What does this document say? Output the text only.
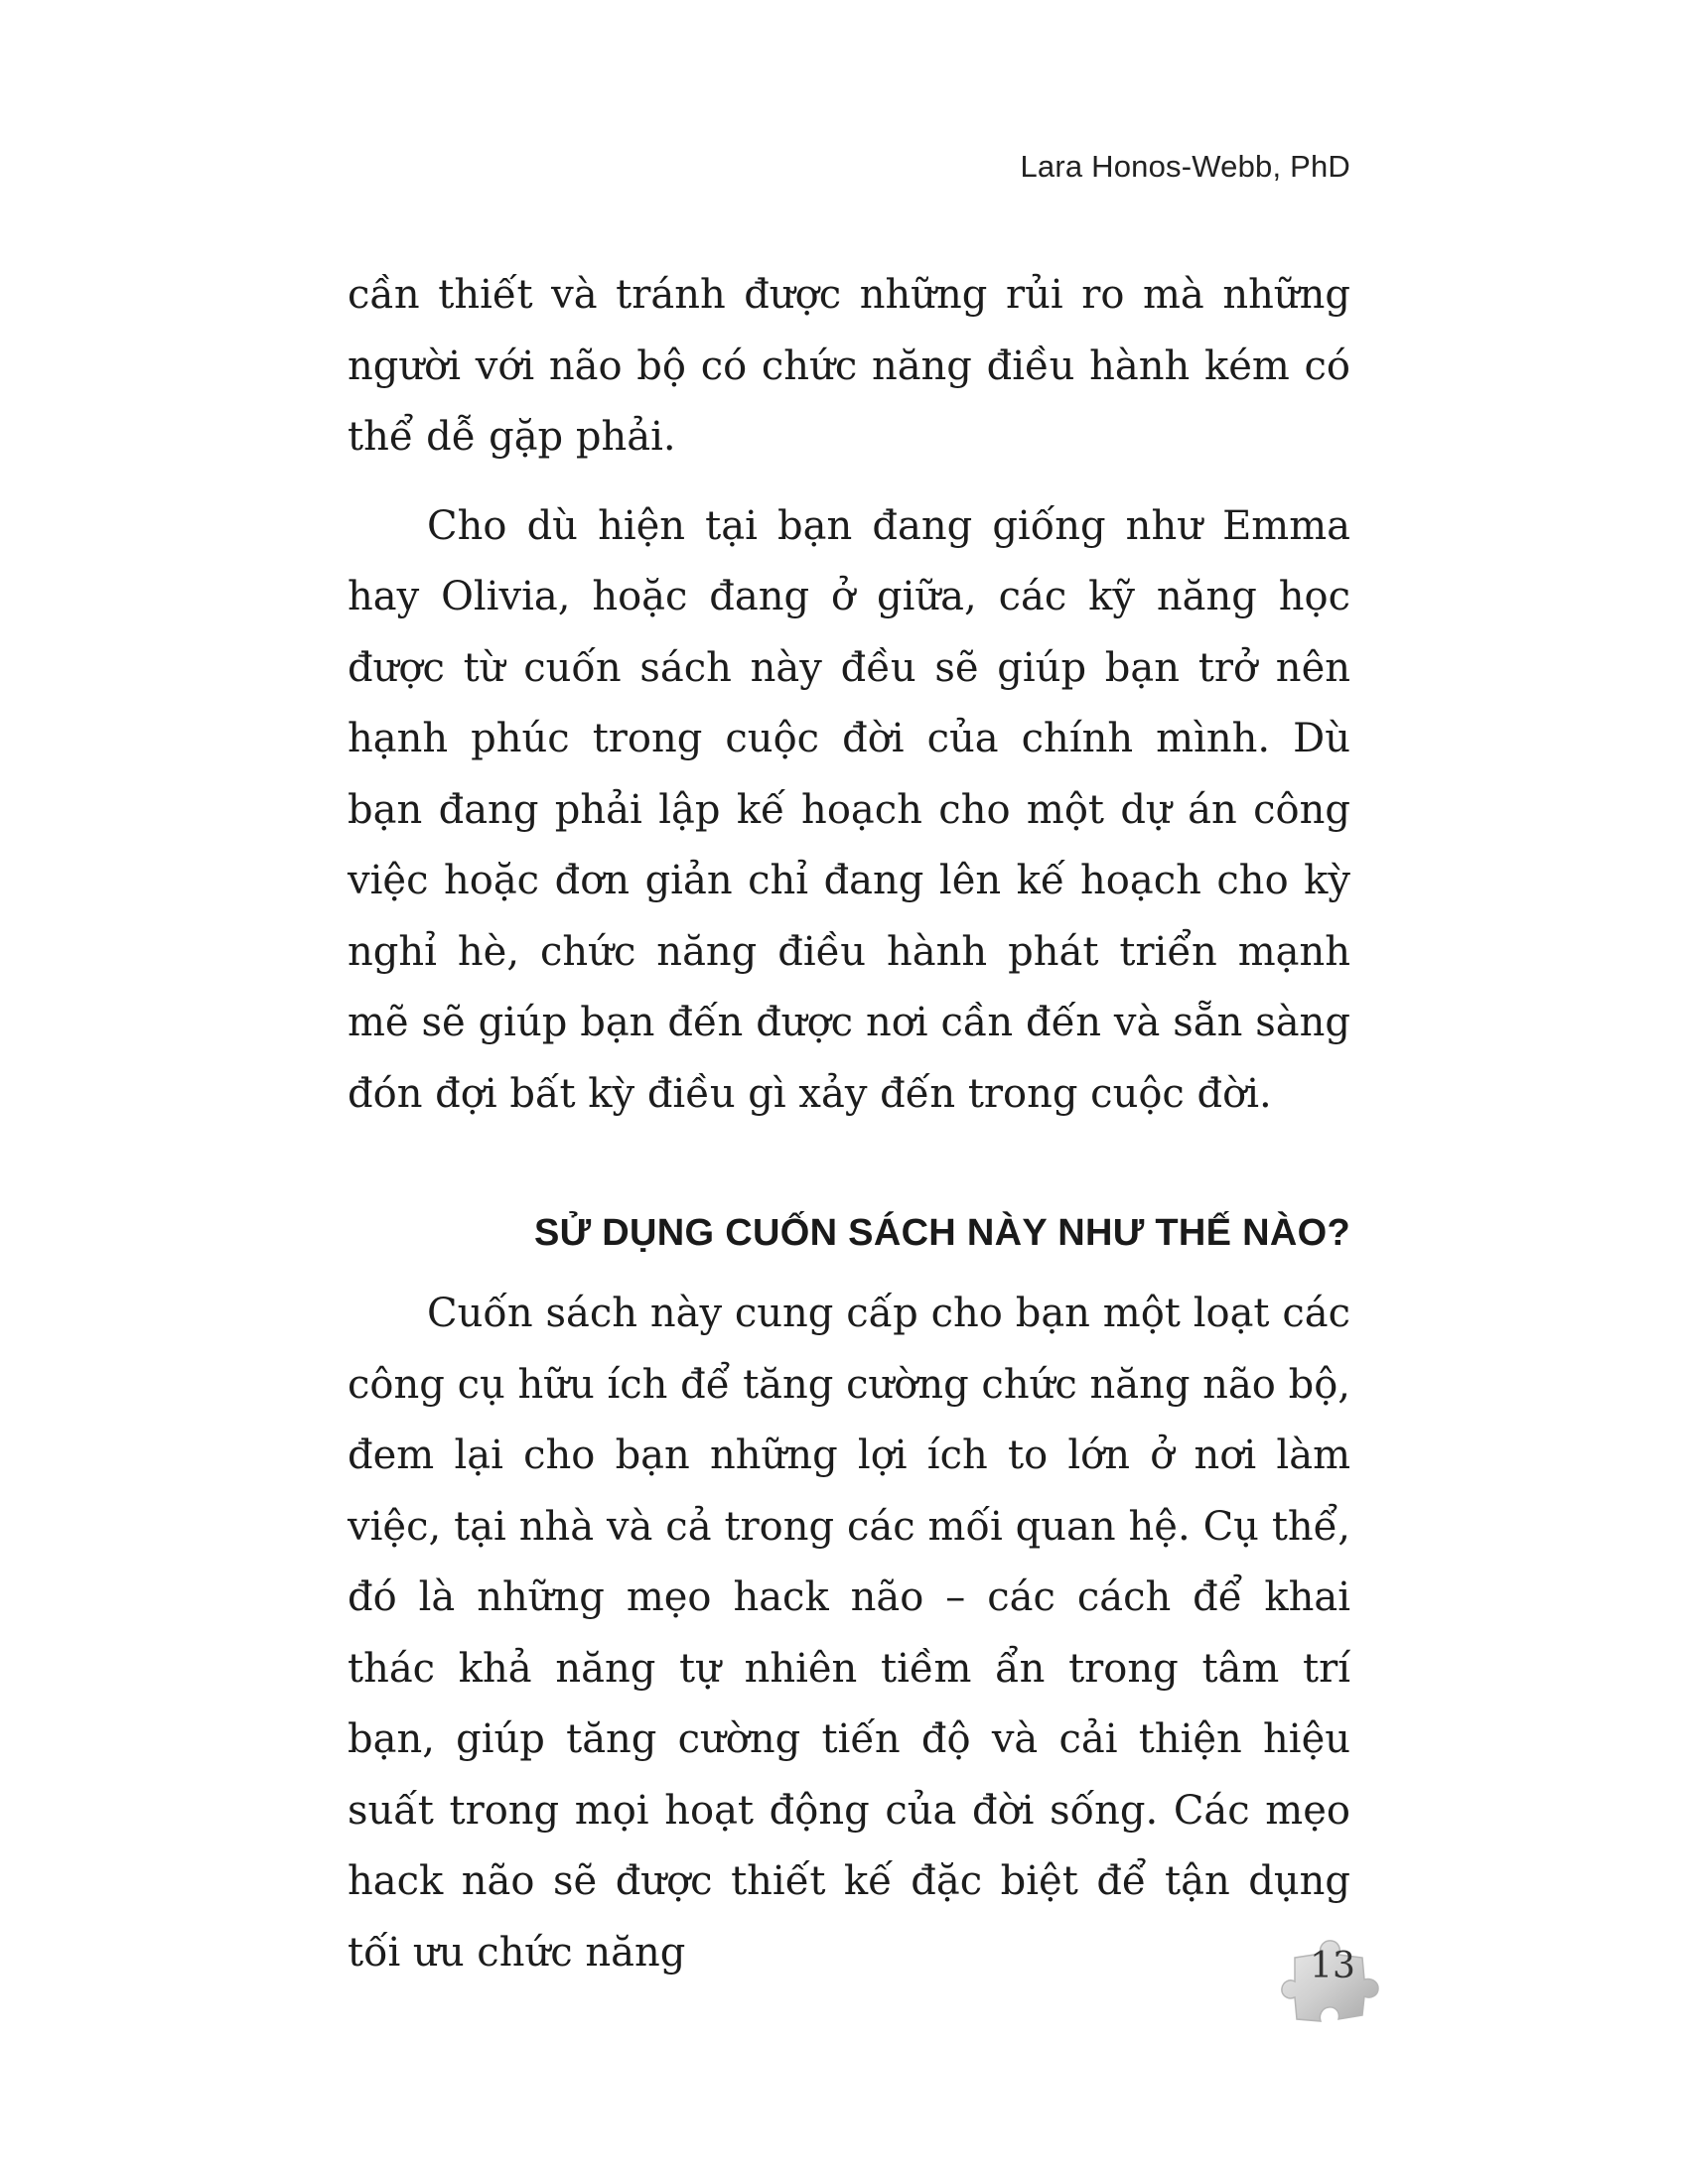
Lara Honos-Webb, PhD

cần thiết và tránh được những rủi ro mà những người với não bộ có chức năng điều hành kém có thể dễ gặp phải.

Cho dù hiện tại bạn đang giống như Emma hay Olivia, hoặc đang ở giữa, các kỹ năng học được từ cuốn sách này đều sẽ giúp bạn trở nên hạnh phúc trong cuộc đời của chính mình. Dù bạn đang phải lập kế hoạch cho một dự án công việc hoặc đơn giản chỉ đang lên kế hoạch cho kỳ nghỉ hè, chức năng điều hành phát triển mạnh mẽ sẽ giúp bạn đến được nơi cần đến và sẵn sàng đón đợi bất kỳ điều gì xảy đến trong cuộc đời.

SỬ DỤNG CUỐN SÁCH NÀY NHƯ THẾ NÀO?

Cuốn sách này cung cấp cho bạn một loạt các công cụ hữu ích để tăng cường chức năng não bộ, đem lại cho bạn những lợi ích to lớn ở nơi làm việc, tại nhà và cả trong các mối quan hệ. Cụ thể, đó là những mẹo hack não – các cách để khai thác khả năng tự nhiên tiềm ẩn trong tâm trí bạn, giúp tăng cường tiến độ và cải thiện hiệu suất trong mọi hoạt động của đời sống. Các mẹo hack não sẽ được thiết kế đặc biệt để tận dụng tối ưu chức năng	13
